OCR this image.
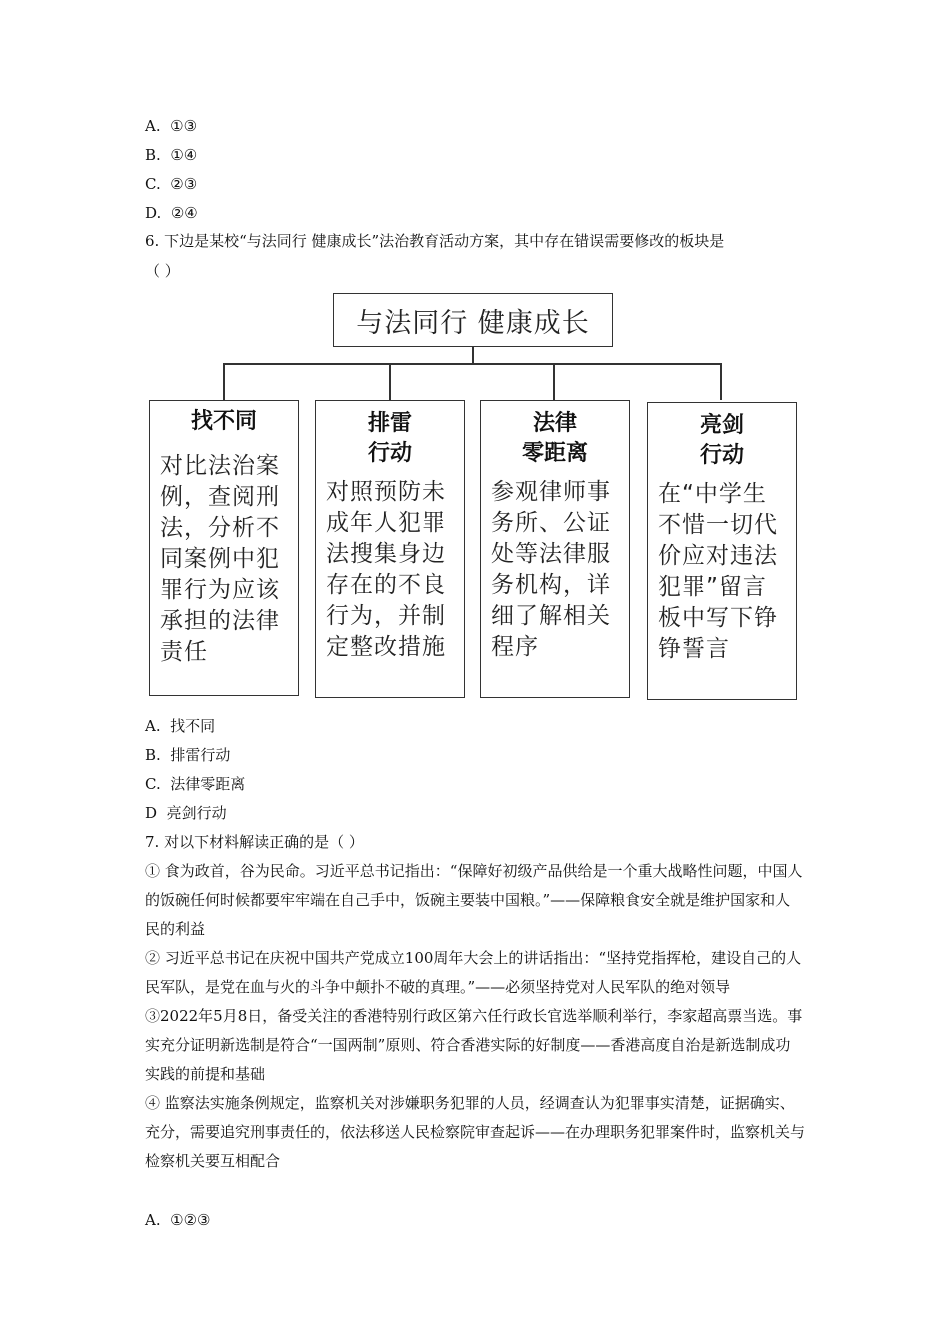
A. ①③
B. ①④
C. ②③
D. ②④
6. 下边是某校“与法同行 健康成长”法治教育活动方案，其中存在错误需要修改的板块是
（ ）
与法同行 健康成长
找不同
对比法治案例，查阅刑法，分析不同案例中犯罪行为应该承担的法律责任
排雷
行动
对照预防未成年人犯罪法搜集身边存在的不良行为，并制定整改措施
法律
零距离
参观律师事务所、公证处等法律服务机构，详细了解相关程序
亮剑
行动
在“中学生不惜一切代价应对违法犯罪”留言板中写下铮铮誓言
A. 找不同
B. 排雷行动
C. 法律零距离
D 亮剑行动
7. 对以下材料解读正确的是（ ）

① 食为政首，谷为民命。习近平总书记指出：“保障好初级产品供给是一个重大战略性问题，中国人的饭碗任何时候都要牢牢端在自己手中，饭碗主要装中国粮。”——保障粮食安全就是维护国家和人民的利益

② 习近平总书记在庆祝中国共产党成立100周年大会上的讲话指出：“坚持党指挥枪，建设自己的人民军队，是党在血与火的斗争中颠扑不破的真理。”——必须坚持党对人民军队的绝对领导

③2022年5月8日，备受关注的香港特别行政区第六任行政长官选举顺利举行，李家超高票当选。事实充分证明新选制是符合“一国两制”原则、符合香港实际的好制度——香港高度自治是新选制成功实践的前提和基础

④ 监察法实施条例规定，监察机关对涉嫌职务犯罪的人员，经调查认为犯罪事实清楚，证据确实、充分，需要追究刑事责任的，依法移送人民检察院审查起诉——在办理职务犯罪案件时，监察机关与检察机关要互相配合

A. ①②③
